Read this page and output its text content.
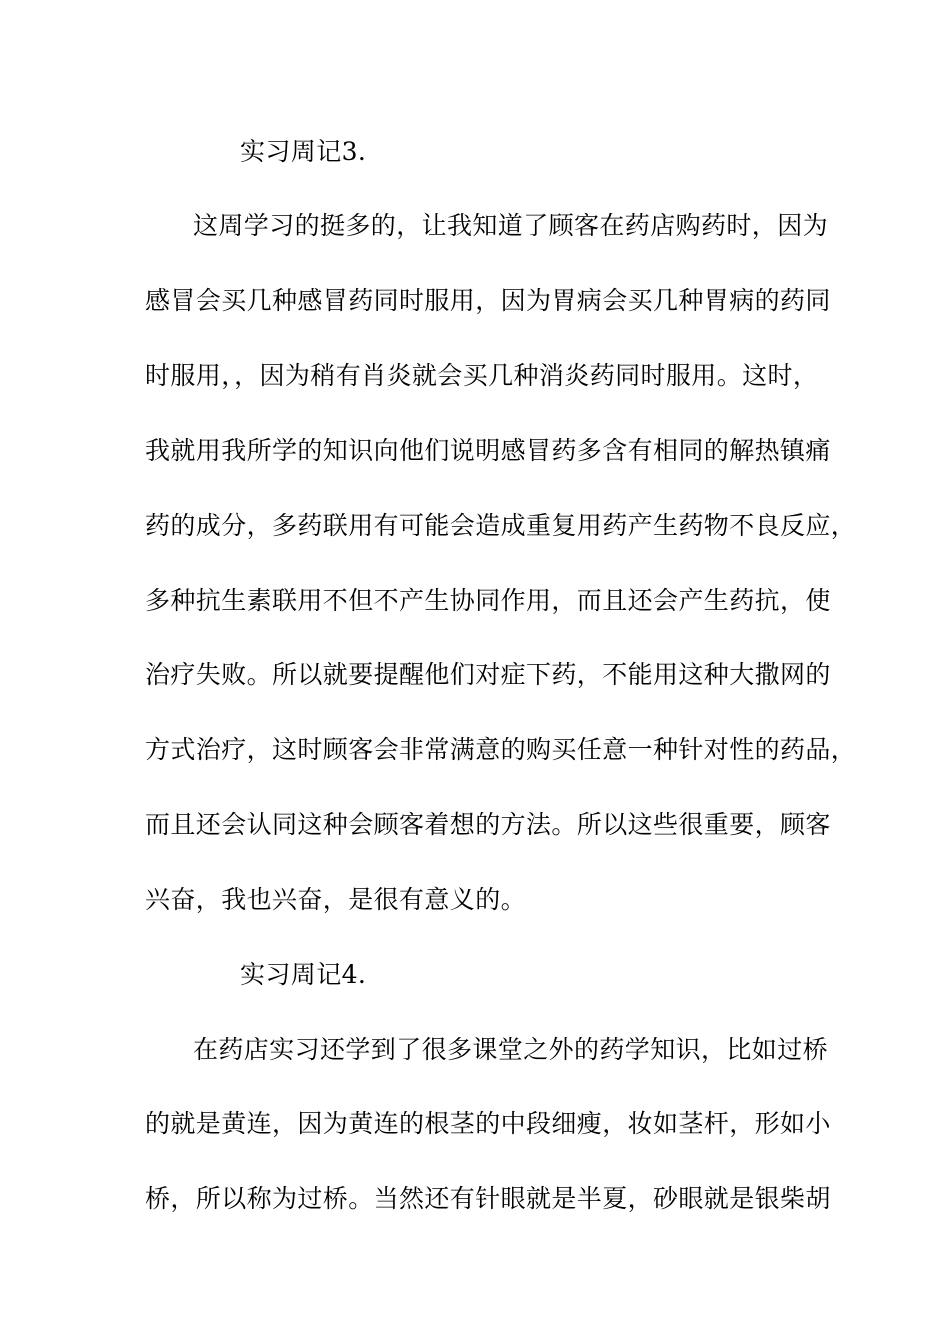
实习周记3.
这周学习的挺多的，让我知道了顾客在药店购药时，因为
感冒会买几种感冒药同时服用，因为胃病会买几种胃病的药同
时服用，，因为稍有肖炎就会买几种消炎药同时服用。这时，
我就用我所学的知识向他们说明感冒药多含有相同的解热镇痛
药的成分，多药联用有可能会造成重复用药产生药物不良反应，
多种抗生素联用不但不产生协同作用，而且还会产生药抗，使
治疗失败。所以就要提醒他们对症下药，不能用这种大撒网的
方式治疗，这时顾客会非常满意的购买任意一种针对性的药品，
而且还会认同这种会顾客着想的方法。所以这些很重要，顾客
兴奋，我也兴奋，是很有意义的。
实习周记4.
在药店实习还学到了很多课堂之外的药学知识，比如过桥
的就是黄连，因为黄连的根茎的中段细瘦，妆如茎杆，形如小
桥，所以称为过桥。当然还有针眼就是半夏，砂眼就是银柴胡
